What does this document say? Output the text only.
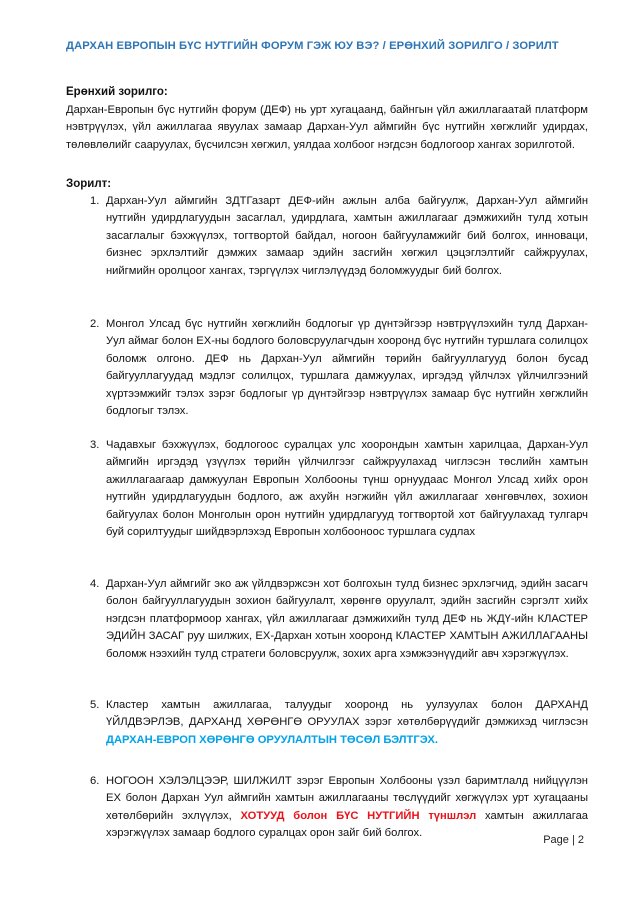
ДАРХАН ЕВРОПЫН БҮС НУТГИЙН ФОРУМ ГЭЖ ЮУ ВЭ? / ЕРӨНХИЙ ЗОРИЛГО / ЗОРИЛТ
Ерөнхий зорилго:
Дархан-Европын бүс нутгийн форум (ДЕФ) нь урт хугацаанд, байнгын үйл ажиллагаатай платформ нэвтрүүлэх, үйл ажиллагаа явуулах замаар Дархан-Уул аймгийн бүс нутгийн хөгжлийг удирдах, төлөвлөлийг сааруулах, бүсчилсэн хөгжил, уялдаа холбоог нэгдсэн бодлогоор хангах зорилготой.
Зорилт:
1. Дархан-Уул аймгийн ЗДТГазарт ДЕФ-ийн ажлын алба байгуулж, Дархан-Уул аймгийн нутгийн удирдлагуудын засаглал, удирдлага, хамтын ажиллагааг дэмжихийн тулд хотын засаглалыг бэхжүүлэх, тогтвортой байдал, ногоон байгууламжийг бий болгох, инноваци, бизнес эрхлэлтийг дэмжих замаар эдийн засгийн хөгжил цэцэглэлтийг сайжруулах, нийгмийн оролцоог хангах, тэргүүлэх чиглэлүүдэд боломжуудыг бий болгох.
2. Монгол Улсад бүс нутгийн хөгжлийн бодлогыг үр дүнтэйгээр нэвтрүүлэхийн тулд Дархан-Уул аймаг болон ЕХ-ны бодлого боловсруулагчдын хооронд бүс нутгийн туршлага солилцох боломж олгоно. ДЕФ нь Дархан-Уул аймгийн төрийн байгууллагууд болон бусад байгууллагуудад мэдлэг солилцох, туршлага дамжуулах, иргэдэд үйлчлэх үйлчилгээний хүртээмжийг тэлэх зэрэг бодлогыг үр дүнтэйгээр нэвтрүүлэх замаар бүс нутгийн хөгжлийн бодлогыг тэлэх.
3. Чадавхыг бэхжүүлэх, бодлогоос суралцах улс хоорондын хамтын харилцаа, Дархан-Уул аймгийн иргэдэд үзүүлэх төрийн үйлчилгээг сайжруулахад чиглэсэн төслийн хамтын ажиллагаагаар дамжуулан Европын Холбооны түнш орнуудаас Монгол Улсад хийх орон нутгийн удирдлагуудын бодлого, аж ахуйн нэгжийн үйл ажиллагааг хөнгөвчлөх, зохион байгуулах болон Монголын орон нутгийн удирдлагууд тогтвортой хот байгуулахад тулгарч буй сорилтуудыг шийдвэрлэхэд Европын холбооноос туршлага судлах
4. Дархан-Уул аймгийг эко аж үйлдвэржсэн хот болгохын тулд бизнес эрхлэгчид, эдийн засагч болон байгууллагуудын зохион байгуулалт, хөрөнгө оруулалт, эдийн засгийн сэргэлт хийх нэгдсэн платформоор хангах, үйл ажиллагааг дэмжихийн тулд ДЕФ нь ЖДҮ-ийн КЛАСТЕР ЭДИЙН ЗАСАГ руу шилжих, ЕХ-Дархан хотын хооронд КЛАСТЕР ХАМТЫН АЖИЛЛАГААНЫ боломж нээхийн тулд стратеги боловсруулж, зохих арга хэмжээнүүдийг авч хэрэгжүүлэх.
5. Кластер хамтын ажиллагаа, талуудыг хооронд нь уулзуулах болон ДАРХАНД ҮЙЛДВЭРЛЭВ, ДАРХАНД ХӨРӨНГӨ ОРУУЛАХ зэрэг хөтөлбөрүүдийг дэмжихэд чиглэсэн ДАРХАН-ЕВРОП ХӨРӨНГӨ ОРУУЛАЛТЫН ТӨСӨЛ БЭЛТГЭХ.
6. НОГООН ХЭЛЭЛЦЭЭР, ШИЛЖИЛТ зэрэг Европын Холбооны үзэл баримтлалд нийцүүлэн ЕХ болон Дархан Уул аймгийн хамтын ажиллагааны төслүүдийг хөгжүүлэх урт хугацааны хөтөлбөрийн эхлүүлэх, ХОТУУД болон БҮС НУТГИЙН түншлэл хамтын ажиллагаа хэрэгжүүлэх замаар бодлого суралцах орон зайг бий болгох.
Page | 2
